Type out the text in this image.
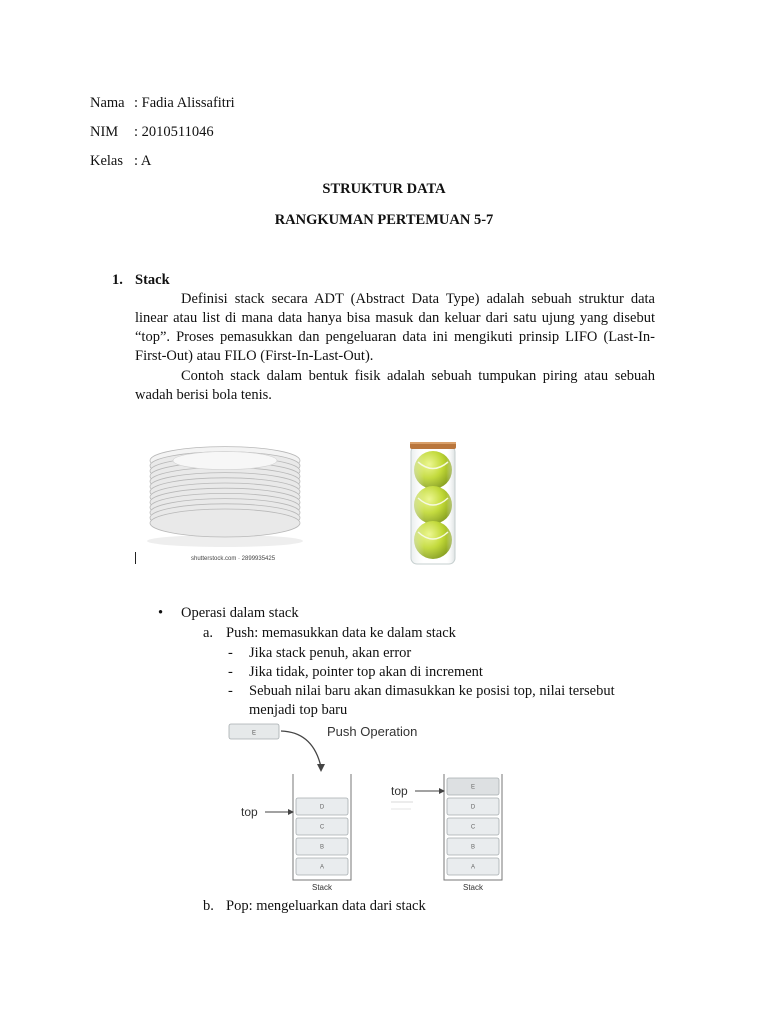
Nama : Fadia Alissafitri
NIM : 2010511046
Kelas : A
STRUKTUR DATA
RANGKUMAN PERTEMUAN 5-7
1. Stack
Definisi stack secara ADT (Abstract Data Type) adalah sebuah struktur data linear atau list di mana data hanya bisa masuk dan keluar dari satu ujung yang disebut “top”. Proses pemasukkan dan pengeluaran data ini mengikuti prinsip LIFO (Last-In-First-Out) atau FILO (First-In-Last-Out).
Contoh stack dalam bentuk fisik adalah sebuah tumpukan piring atau sebuah wadah berisi bola tenis.
shutterstock.com · 2899935425
• Operasi dalam stack
a. Push: memasukkan data ke dalam stack
- Jika stack penuh, akan error
- Jika tidak, pointer top akan di increment
- Sebuah nilai baru akan dimasukkan ke posisi top, nilai tersebut
menjadi top baru
E	Push Operation
D
C
B
A
top
Stack
E
D
C
B
A
top
Stack
b. Pop: mengeluarkan data dari stack
